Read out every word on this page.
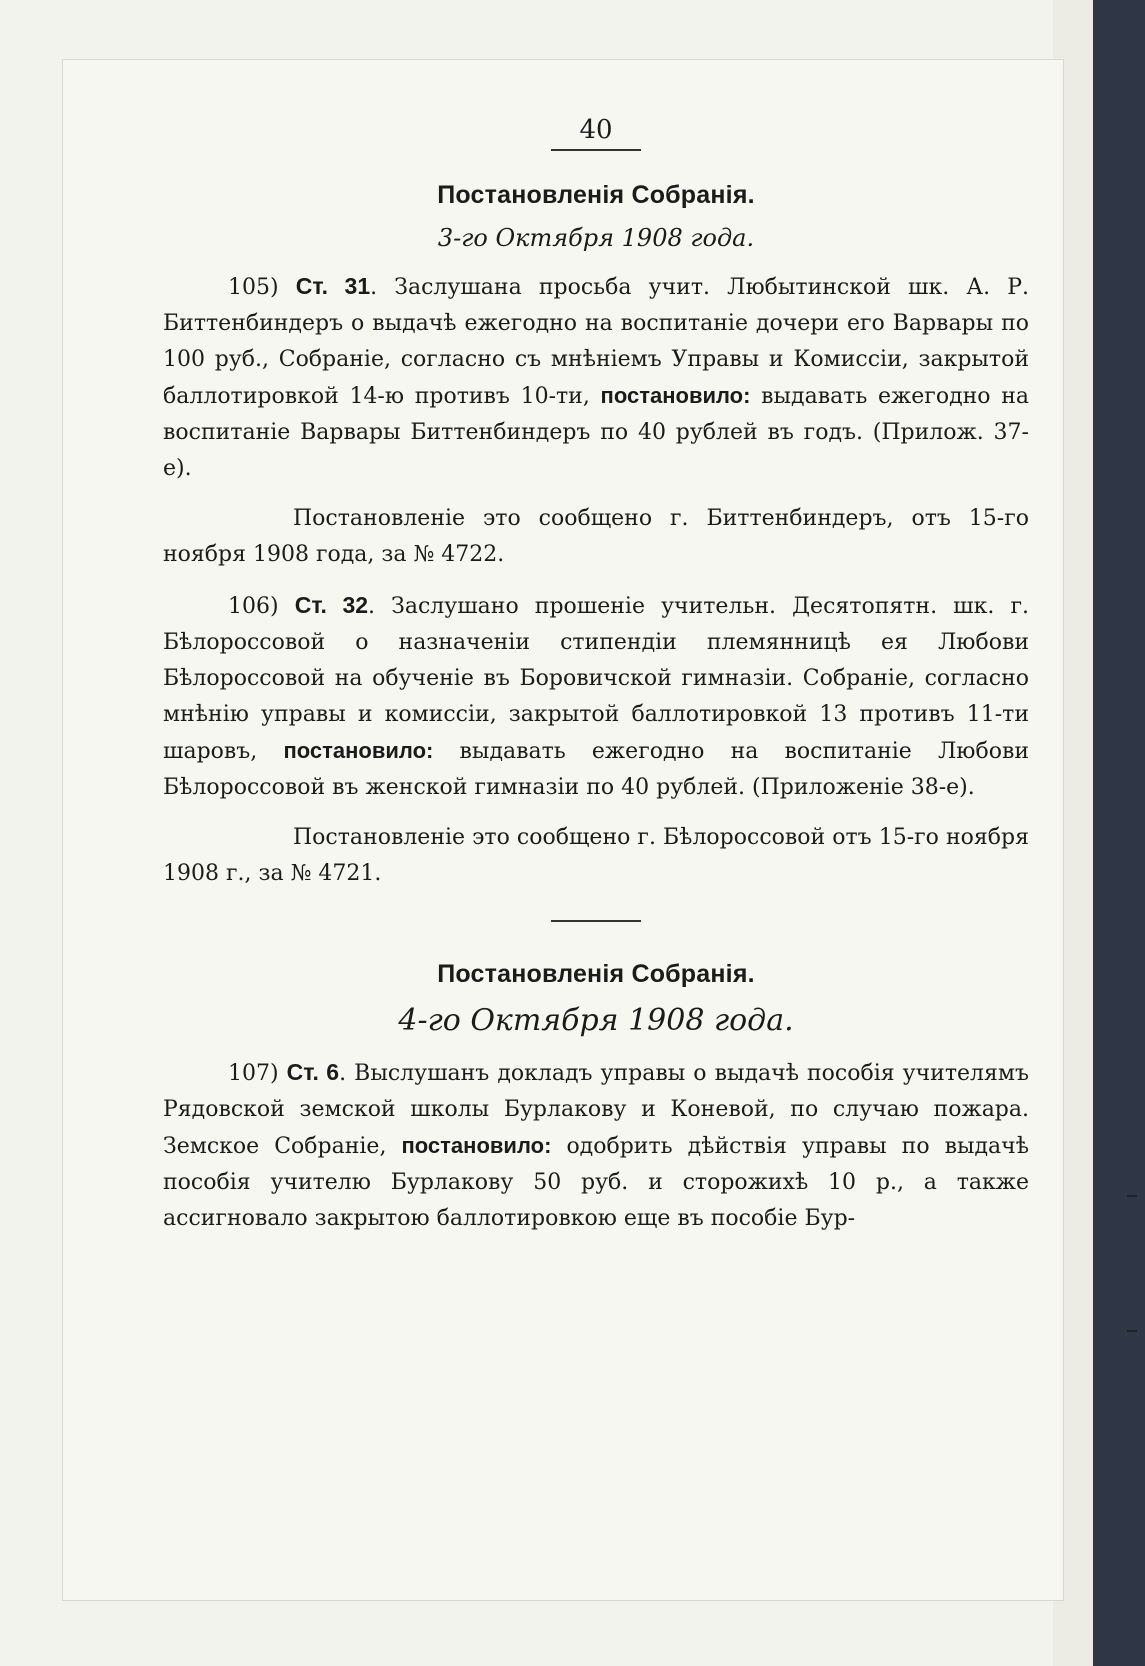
40
Постановленія Собранія.
3-го Октября 1908 года.

105) Ст. 31. Заслушана просьба учит. Любытинской шк. А. Р. Биттенбиндеръ о выдачѣ ежегодно на воспитаніе дочери его Варвары по 100 руб., Собраніе, согласно съ мнѣніемъ Управы и Комиссіи, закрытой баллотировкой 14-ю противъ 10-ти, постановило: выдавать ежегодно на воспитаніе Варвары Биттенбиндеръ по 40 рублей въ годъ. (Прилож. 37-е).

Постановленіе это сообщено г. Биттенбиндеръ, отъ 15-го ноября 1908 года, за № 4722.

106) Ст. 32. Заслушано прошеніе учительн. Десятопятн. шк. г. Бѣлороссовой о назначеніи стипендіи племянницѣ ея Любови Бѣлороссовой на обученіе въ Боровичской гимназіи. Собраніе, согласно мнѣнію управы и комиссіи, закрытой баллотировкой 13 противъ 11-ти шаровъ, постановило: выдавать ежегодно на воспитаніе Любови Бѣлороссовой въ женской гимназіи по 40 рублей. (Приложеніе 38-е).

Постановленіе это сообщено г. Бѣлороссовой отъ 15-го ноября 1908 г., за № 4721.

Постановленія Собранія.
4-го Октября 1908 года.

107) Ст. 6. Выслушанъ докладъ управы о выдачѣ пособія учителямъ Рядовской земской школы Бурлакову и Коневой, по случаю пожара. Земское Собраніе, постановило: одобрить дѣйствія управы по выдачѣ пособія учителю Бурлакову 50 руб. и сторожихѣ 10 р., а также ассигновало закрытою баллотировкою еще въ пособіе Бур-
